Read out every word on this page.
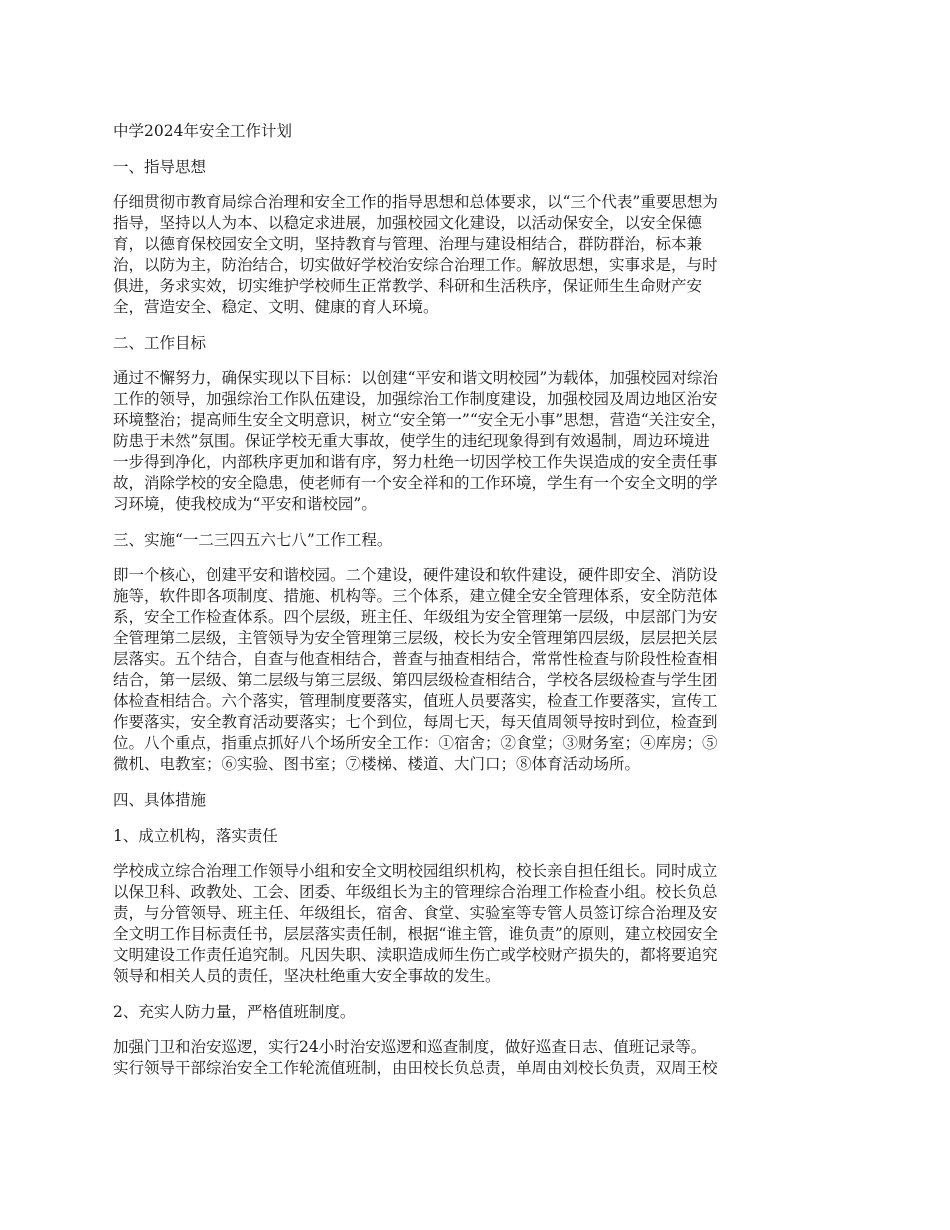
中学2024年安全工作计划

一、指导思想

仔细贯彻市教育局综合治理和安全工作的指导思想和总体要求，以“三个代表”重要思想为
指导，坚持以人为本、以稳定求进展，加强校园文化建设，以活动保安全，以安全保德
育，以德育保校园安全文明，坚持教育与管理、治理与建设相结合，群防群治，标本兼
治，以防为主，防治结合，切实做好学校治安综合治理工作。解放思想，实事求是，与时
俱进，务求实效，切实维护学校师生正常教学、科研和生活秩序，保证师生生命财产安
全，营造安全、稳定、文明、健康的育人环境。

二、工作目标

通过不懈努力，确保实现以下目标：以创建“平安和谐文明校园”为载体，加强校园对综治
工作的领导，加强综治工作队伍建设，加强综治工作制度建设，加强校园及周边地区治安
环境整治；提高师生安全文明意识，树立“安全第一”“安全无小事”思想，营造“关注安全，
防患于未然”氛围。保证学校无重大事故，使学生的违纪现象得到有效遏制，周边环境进
一步得到净化，内部秩序更加和谐有序，努力杜绝一切因学校工作失误造成的安全责任事
故，消除学校的安全隐患，使老师有一个安全祥和的工作环境，学生有一个安全文明的学
习环境，使我校成为“平安和谐校园”。

三、实施“一二三四五六七八”工作工程。

即一个核心，创建平安和谐校园。二个建设，硬件建设和软件建设，硬件即安全、消防设
施等，软件即各项制度、措施、机构等。三个体系，建立健全安全管理体系，安全防范体
系，安全工作检查体系。四个层级，班主任、年级组为安全管理第一层级，中层部门为安
全管理第二层级，主管领导为安全管理第三层级，校长为安全管理第四层级，层层把关层
层落实。五个结合，自查与他查相结合，普查与抽查相结合，常常性检查与阶段性检查相
结合，第一层级、第二层级与第三层级、第四层级检查相结合，学校各层级检查与学生团
体检查相结合。六个落实，管理制度要落实，值班人员要落实，检查工作要落实，宣传工
作要落实，安全教育活动要落实；七个到位，每周七天，每天值周领导按时到位，检查到
位。八个重点，指重点抓好八个场所安全工作：①宿舍；②食堂；③财务室；④库房；⑤
微机、电教室；⑥实验、图书室；⑦楼梯、楼道、大门口；⑧体育活动场所。

四、具体措施

1、成立机构，落实责任

学校成立综合治理工作领导小组和安全文明校园组织机构，校长亲自担任组长。同时成立
以保卫科、政教处、工会、团委、年级组长为主的管理综合治理工作检查小组。校长负总
责，与分管领导、班主任、年级组长，宿舍、食堂、实验室等专管人员签订综合治理及安
全文明工作目标责任书，层层落实责任制，根据“谁主管，谁负责”的原则，建立校园安全
文明建设工作责任追究制。凡因失职、渎职造成师生伤亡或学校财产损失的，都将要追究
领导和相关人员的责任，坚决杜绝重大安全事故的发生。

2、充实人防力量，严格值班制度。

加强门卫和治安巡逻，实行24小时治安巡逻和巡查制度，做好巡查日志、值班记录等。
实行领导干部综治安全工作轮流值班制，由田校长负总责，单周由刘校长负责，双周王校
